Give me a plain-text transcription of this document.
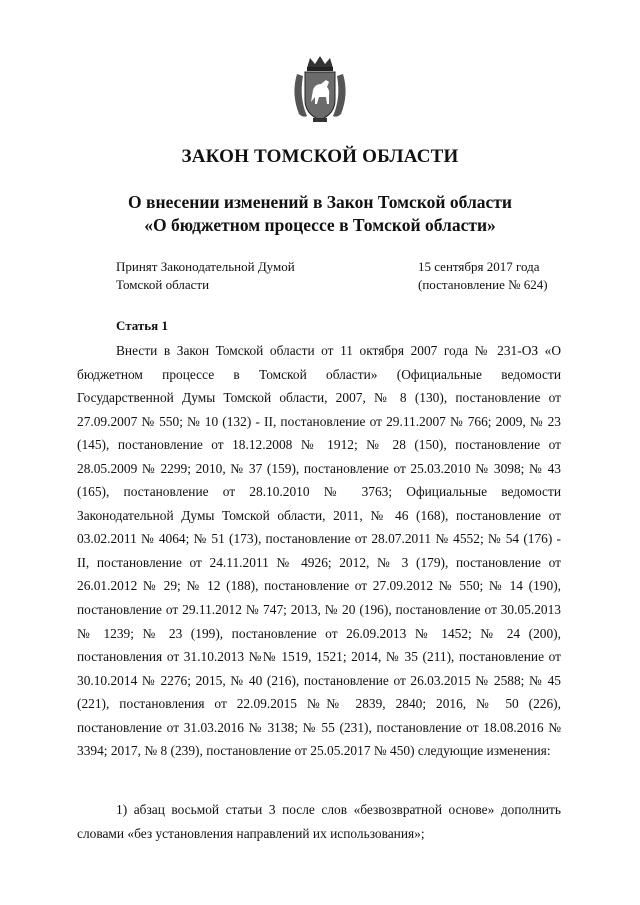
ЗАКОН ТОМСКОЙ ОБЛАСТИ
О внесении изменений в Закон Томской области
«О бюджетном процессе в Томской области»
Принят Законодательной Думой
Томской области
15 сентября 2017 года
(постановление № 624)
Статья 1

Внести в Закон Томской области от 11 октября 2007 года № 231-ОЗ «О бюджетном процессе в Томской области» (Официальные ведомости Государственной Думы Томской области, 2007, № 8 (130), постановление от 27.09.2007 № 550; № 10 (132) - II, постановление от 29.11.2007 № 766; 2009, № 23 (145), постановление от 18.12.2008 № 1912; № 28 (150), постановление от 28.05.2009 № 2299; 2010, № 37 (159), постановление от 25.03.2010 № 3098; № 43 (165), постановление от 28.10.2010 № 3763; Официальные ведомости Законодательной Думы Томской области, 2011, № 46 (168), постановление от 03.02.2011 № 4064; № 51 (173), постановление от 28.07.2011 № 4552; № 54 (176) - II, постановление от 24.11.2011 № 4926; 2012, № 3 (179), постановление от 26.01.2012 № 29; № 12 (188), постановление от 27.09.2012 № 550; № 14 (190), постановление от 29.11.2012 № 747; 2013, № 20 (196), постановление от 30.05.2013 № 1239; № 23 (199), постановление от 26.09.2013 № 1452; № 24 (200), постановления от 31.10.2013 №№ 1519, 1521; 2014, № 35 (211), постановление от 30.10.2014 № 2276; 2015, № 40 (216), постановление от 26.03.2015 № 2588; № 45 (221), постановления от 22.09.2015 №№ 2839, 2840; 2016, № 50 (226), постановление от 31.03.2016 № 3138; № 55 (231), постановление от 18.08.2016 № 3394; 2017, № 8 (239), постановление от 25.05.2017 № 450) следующие изменения:

1) абзац восьмой статьи 3 после слов «безвозвратной основе» дополнить словами «без установления направлений их использования»;
